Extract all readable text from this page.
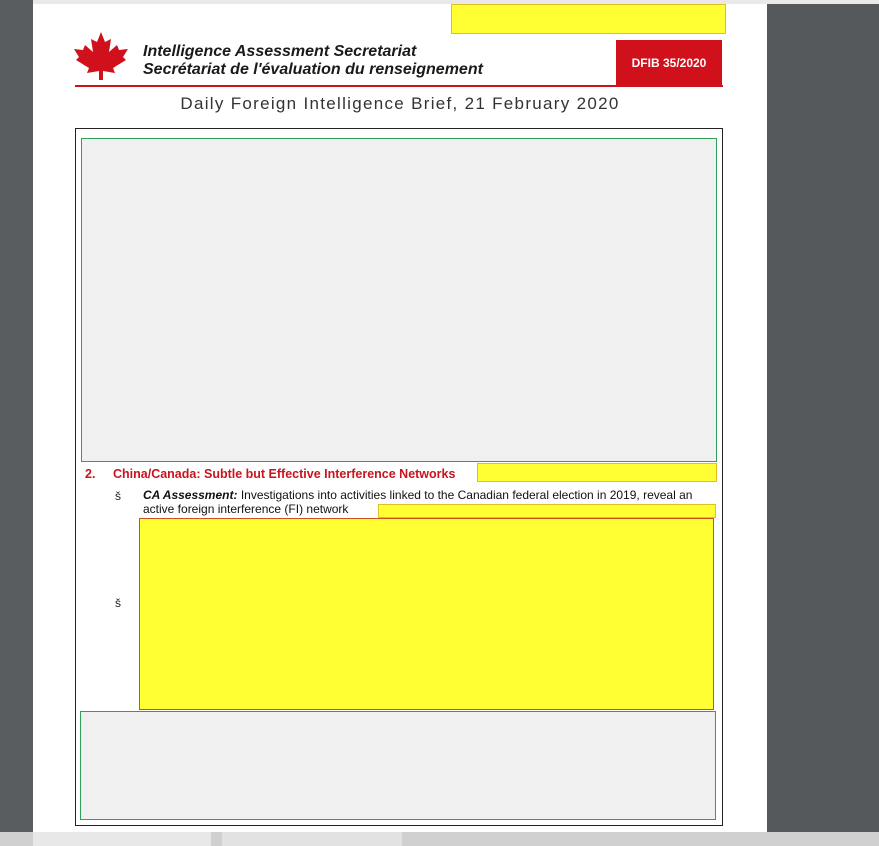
Intelligence Assessment Secretariat
Secrétariat de l'évaluation du renseignement	DFIB 35/2020
Daily Foreign Intelligence Brief, 21 February 2020
2. China/Canada: Subtle but Effective Interference Networks
š CA Assessment: Investigations into activities linked to the Canadian federal election in 2019, reveal an active foreign interference (FI) network
š
